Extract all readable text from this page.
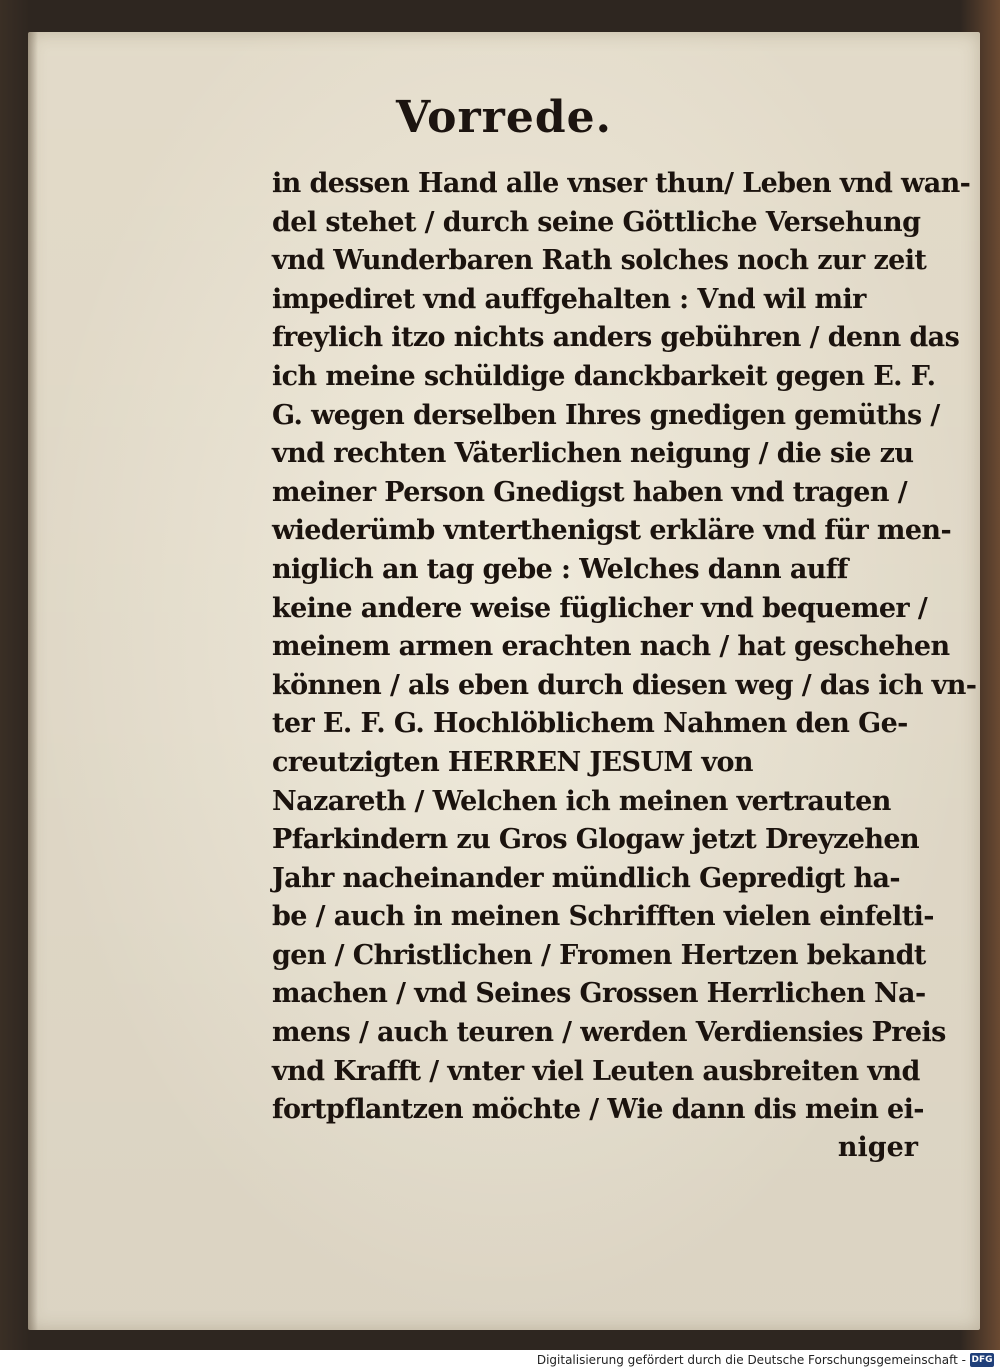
Vorrede.
in dessen Hand alle vnser thun/ Leben vnd wan-
del stehet / durch seine Göttliche Versehung
vnd Wunderbaren Rath solches noch zur zeit
impediret vnd auffgehalten : Vnd wil mir
freylich itzo nichts anders gebühren / denn das
ich meine schüldige danckbarkeit gegen E. F.
G. wegen derselben Ihres gnedigen gemüths /
vnd rechten Väterlichen neigung / die sie zu
meiner Person Gnedigst haben vnd tragen /
wiederümb vnterthenigst erkläre vnd für men-
niglich an tag gebe : Welches dann auff
keine andere weise füglicher vnd bequemer /
meinem armen erachten nach / hat geschehen
können / als eben durch diesen weg / das ich vn-
ter E. F. G. Hochlöblichem Nahmen den Ge-
creutzigten HERREN JESUM von
Nazareth / Welchen ich meinen vertrauten
Pfarkindern zu Gros Glogaw jetzt Dreyzehen
Jahr nacheinander mündlich Gepredigt ha-
be / auch in meinen Schrifften vielen einfelti-
gen / Christlichen / Fromen Hertzen bekandt
machen / vnd Seines Grossen Herrlichen Na-
mens / auch teuren / werden Verdiensies Preis
vnd Krafft / vnter viel Leuten ausbreiten vnd
fortpflantzen möchte / Wie dann dis mein ei-
niger
Digitalisierung gefördert durch die Deutsche Forschungsgemeinschaft - DFG
